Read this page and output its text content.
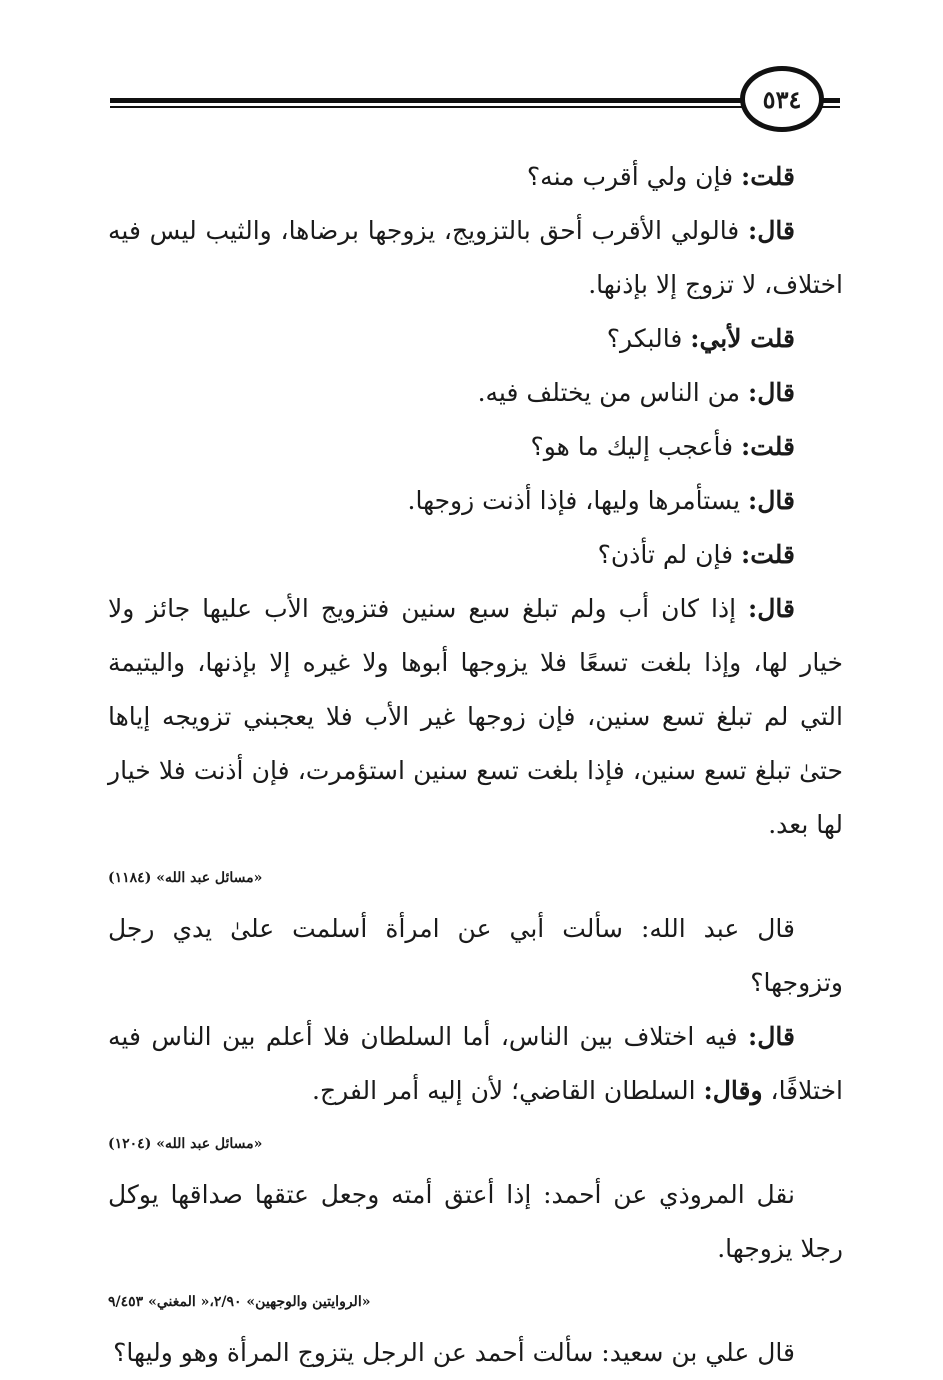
٥٣٤

قلت: فإن ولي أقرب منه؟

قال: فالولي الأقرب أحق بالتزويج، يزوجها برضاها، والثيب ليس فيه اختلاف، لا تزوج إلا بإذنها.

قلت لأبي: فالبكر؟

قال: من الناس من يختلف فيه.

قلت: فأعجب إليك ما هو؟

قال: يستأمرها وليها، فإذا أذنت زوجها.

قلت: فإن لم تأذن؟

قال: إذا كان أب ولم تبلغ سبع سنين فتزويج الأب عليها جائز ولا خيار لها، وإذا بلغت تسعًا فلا يزوجها أبوها ولا غيره إلا بإذنها، واليتيمة التي لم تبلغ تسع سنين، فإن زوجها غير الأب فلا يعجبني تزويجه إياها حتىٰ تبلغ تسع سنين، فإذا بلغت تسع سنين استؤمرت، فإن أذنت فلا خيار لها بعد.

«مسائل عبد الله» (١١٨٤)

قال عبد الله: سألت أبي عن امرأة أسلمت علىٰ يدي رجل وتزوجها؟

قال: فيه اختلاف بين الناس، أما السلطان فلا أعلم بين الناس فيه اختلافًا، وقال: السلطان القاضي؛ لأن إليه أمر الفرج.

«مسائل عبد الله» (١٢٠٤)

نقل المروذي عن أحمد: إذا أعتق أمته وجعل عتقها صداقها يوكل رجلا يزوجها.

«الروايتين والوجهين» ٢/٩٠،« المغني» ٩/٤٥٣

قال علي بن سعيد: سألت أحمد عن الرجل يتزوج المرأة وهو وليها؟
